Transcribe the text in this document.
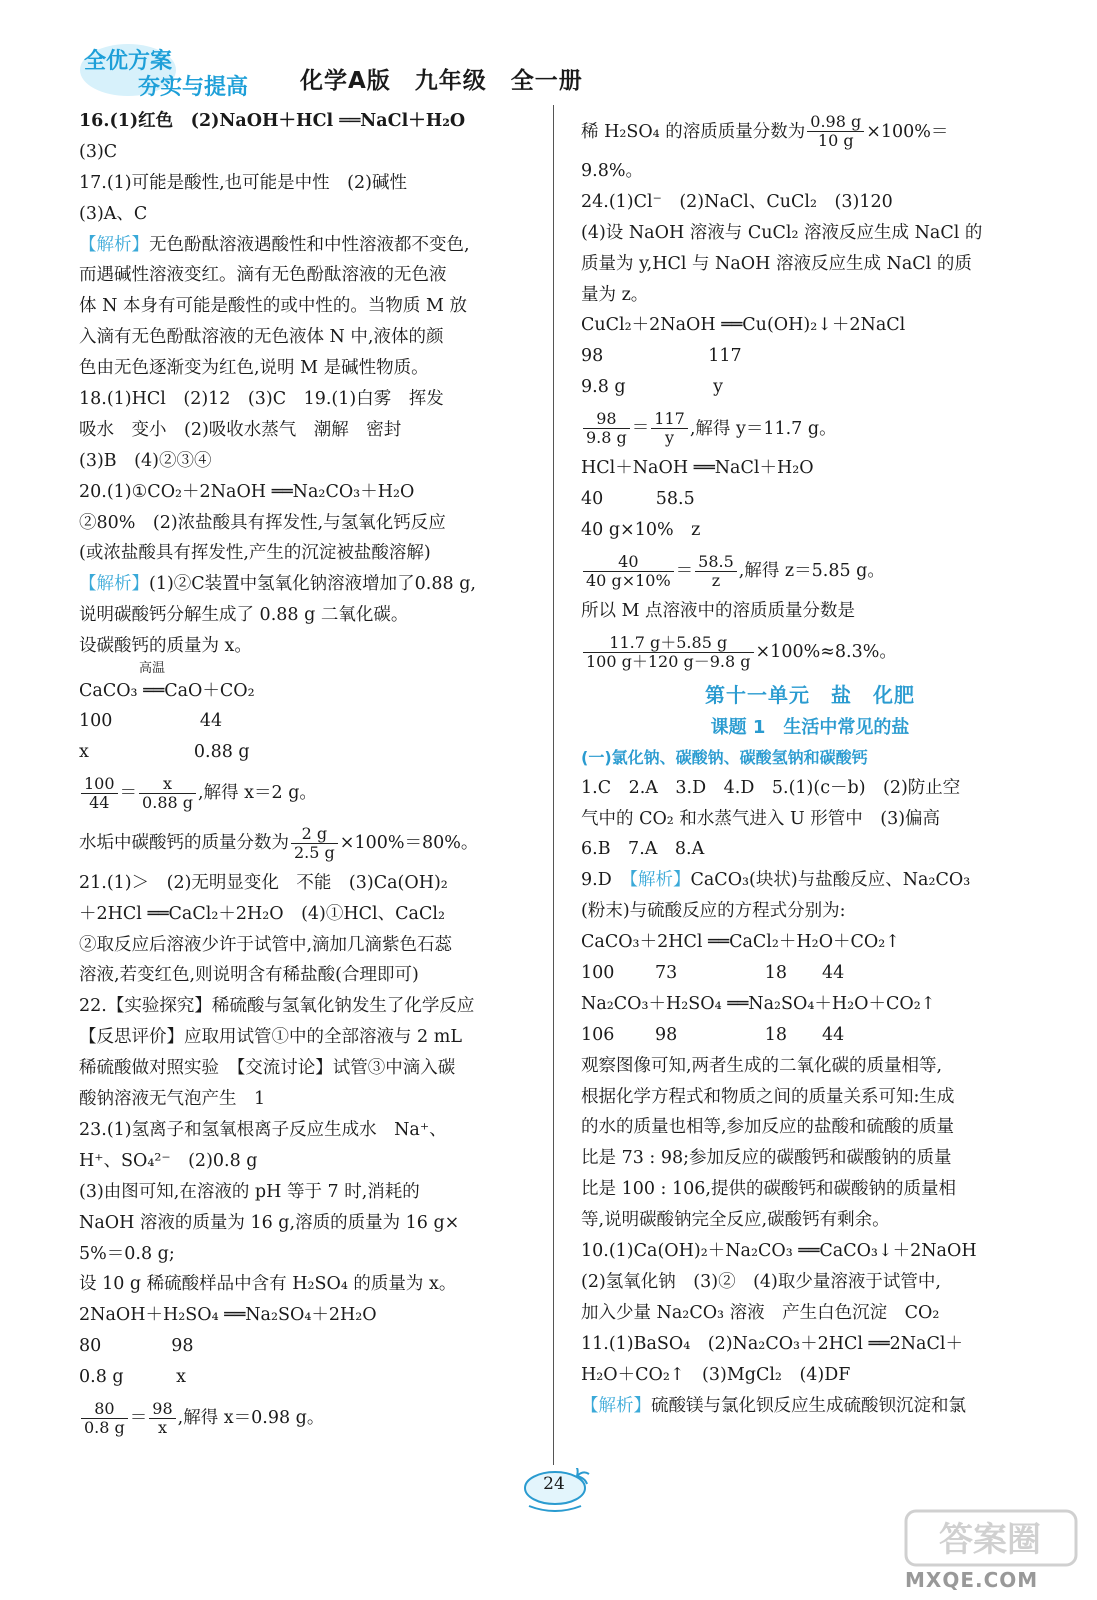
全优方案
夯实与提高 化学A版　九年级　全一册
16.(1)红色　(2)NaOH＋HCl ══NaCl＋H₂O
(3)C
17.(1)可能是酸性,也可能是中性　(2)碱性
(3)A、C
【解析】无色酚酞溶液遇酸性和中性溶液都不变色,
而遇碱性溶液变红。滴有无色酚酞溶液的无色液
体 N 本身有可能是酸性的或中性的。当物质 M 放
入滴有无色酚酞溶液的无色液体 N 中,液体的颜
色由无色逐渐变为红色,说明 M 是碱性物质。
18.(1)HCl　(2)12　(3)C　19.(1)白雾　挥发
吸水　变小　(2)吸收水蒸气　潮解　密封
(3)B　(4)②③④
20.(1)①CO₂＋2NaOH ══Na₂CO₃＋H₂O
②80%　(2)浓盐酸具有挥发性,与氢氧化钙反应
(或浓盐酸具有挥发性,产生的沉淀被盐酸溶解)
【解析】(1)②C装置中氢氧化钠溶液增加了0.88 g,
说明碳酸钙分解生成了 0.88 g 二氧化碳。
设碳酸钙的质量为 x。
高温
CaCO₃ ══CaO＋CO₂
100　　　　　44
x　　　　　　0.88 g
$\frac{100}{44} = \frac{x}{0.88 g}$ ,解得 x＝2 g。
水垢中碳酸钙的质量分数为 $\frac{2 g}{2.5 g} \times 100\%=80\%$。
21.(1)＞　(2)无明显变化　不能　(3)Ca(OH)₂
＋2HCl ══CaCl₂＋2H₂O　(4)①HCl、CaCl₂
②取反应后溶液少许于试管中,滴加几滴紫色石蕊
溶液,若变红色,则说明含有稀盐酸(合理即可)
22.【实验探究】稀硫酸与氢氧化钠发生了化学反应
【反思评价】应取用试管①中的全部溶液与 2 mL
稀硫酸做对照实验　【交流讨论】试管③中滴入碳
酸钠溶液无气泡产生　1
23.(1)氢离子和氢氧根离子反应生成水　Na⁺、
H⁺、SO₄²⁻　(2)0.8 g
(3)由图可知,在溶液的 pH 等于 7 时,消耗的
NaOH 溶液的质量为 16 g,溶质的质量为 16 g×
5%＝0.8 g;
设 10 g 稀硫酸样品中含有 H₂SO₄ 的质量为 x。
2NaOH＋H₂SO₄ ══Na₂SO₄＋2H₂O
80　　　　98
0.8 g　　　x
$\frac{80}{0.8 g} = \frac{98}{x}$ ,解得 x＝0.98 g。
稀 H₂SO₄ 的溶质质量分数为 $\frac{0.98 g}{10 g} \times 100\%=$
9.8%。
24.(1)Cl⁻　(2)NaCl、CuCl₂　(3)120
(4)设 NaOH 溶液与 CuCl₂ 溶液反应生成 NaCl 的
质量为 y,HCl 与 NaOH 溶液反应生成 NaCl 的质
量为 z。
CuCl₂＋2NaOH ══Cu(OH)₂↓＋2NaCl
98　　　　　　117
9.8 g　　　　　y
$\frac{98}{9.8 g} = \frac{117}{y}$ ,解得 y＝11.7 g。
HCl＋NaOH ══NaCl＋H₂O
40　　　58.5
40 g×10%　z
$\frac{40}{40 g\times 10\%} = \frac{58.5}{z}$ ,解得 z＝5.85 g。
所以 M 点溶液中的溶质质量分数是
$\frac{11.7 g+5.85 g}{100 g+120 g-9.8 g} \times 100\%\approx 8.3\%$。
第十一单元　盐　化肥
课题 1　生活中常见的盐
(一)氯化钠、碳酸钠、碳酸氢钠和碳酸钙
1.C　2.A　3.D　4.D　5.(1)(c－b)　(2)防止空
气中的 CO₂ 和水蒸气进入 U 形管中　(3)偏高
6.B　7.A　8.A
9.D　【解析】CaCO₃(块状)与盐酸反应、Na₂CO₃
(粉末)与硫酸反应的方程式分别为:
CaCO₃＋2HCl ══CaCl₂＋H₂O＋CO₂↑
100　　 73　　　　　18　　44
Na₂CO₃＋H₂SO₄ ══Na₂SO₄＋H₂O＋CO₂↑
106　　 98　　　　　18　　44
观察图像可知,两者生成的二氧化碳的质量相等,
根据化学方程式和物质之间的质量关系可知:生成
的水的质量也相等,参加反应的盐酸和硫酸的质量
比是 73 : 98;参加反应的碳酸钙和碳酸钠的质量
比是 100 : 106,提供的碳酸钙和碳酸钠的质量相
等,说明碳酸钠完全反应,碳酸钙有剩余。
10.(1)Ca(OH)₂＋Na₂CO₃ ══CaCO₃↓＋2NaOH
(2)氢氧化钠　(3)②　(4)取少量溶液于试管中,
加入少量 Na₂CO₃ 溶液　产生白色沉淀　CO₂
11.(1)BaSO₄　(2)Na₂CO₃＋2HCl ══2NaCl＋
H₂O＋CO₂↑　(3)MgCl₂　(4)DF
【解析】硫酸镁与氯化钡反应生成硫酸钡沉淀和氯
24
答案圈
MXQE.COM
